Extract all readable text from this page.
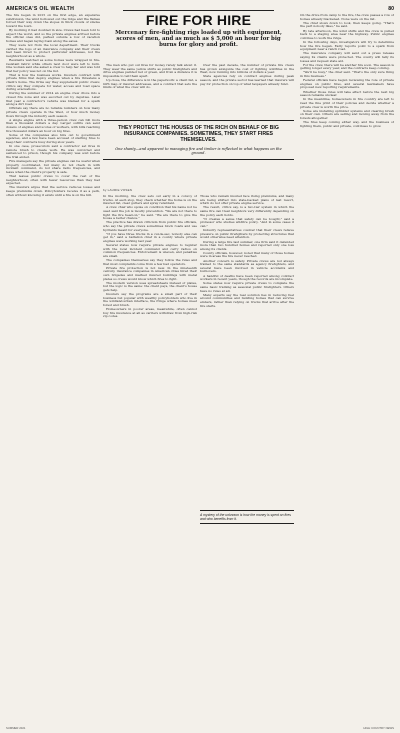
AMERICA'S OIL WEALTH	80

The fire began in 2015 on the first edge, an expensive subdivision, the wind hollowed out the ridge and the flames forced their way down the slopes in thick clouds of smoke toward the town.

By morning it had doubled in size. Crews had been told to expect the worst, and so the private engines arrived before the official ones did, parked outside a row of vacation homes and began laying foam along the eaves.

They were not from the local department. Their trucks carried the logo of an insurance company and their crews had been hired to protect particular addresses, not the neighborhood as a whole.

Residents watched as some homes were wrapped in fire-resistant fabric while others next door were left to burn. One woman said she asked a crew to help her and was told that her policy was not on the list.

That is how the business works. Insurers contract with private firms that deploy engines when a fire threatens a client's home. The firms say they supplement public crews; critics say they compete for water, access and road space during evacuations.

During the summer of 2014 an engine crew drove into a closed fire zone and was escorted out by deputies. Later that year a contractor's vehicle was blamed for a spark along a dirt road.

Officials say there are no reliable numbers on how many private crews operate in the West, or how much money flows through the industry each season.

A single engine with a three-person crew can bill more than a thousand dollars a day. Larger outfits can send dozens of engines and scores of workers, with bills reaching five thousand dollars an hour on big fires.

Some of the companies also hire out to government agencies, and a few have been accused of starting fires to keep their contracts busy during slow years.

In one case, prosecutors said a contractor set fires in remote brush to create work. He was convicted and sentenced to prison, though his company was sold before the trial ended.

Fire managers say the private engines can be useful when properly coordinated, but many do not check in with incident command, do not share radio frequencies, and leave when the client's property is safe.

That leaves public crews to cover the rest of the neighborhood, often with fewer resources than they had expected.

The insurers argue that the service reduces losses and keeps premiums down. Policyholders receive it as a perk, often without knowing it exists until a fire is on the hill.

FIRE FOR HIRE
Mercenary fire-fighting rigs loaded up with equipment, scores of men, and as much as $ 5,000 an hour for big burns for glory and profit.

The men who put out fires for money rarely talk about it. They wear the same yellow shirts as public firefighters and drive engines painted red or green, and from a distance it is impossible to tell them apart.

Up close, the difference is in the paperwork: a client list, a GPS map of insured addresses, and a contract that sets the limits of what the crew will do.

Over the past decade, the number of private fire crews has grown alongside the cost of fighting wildfires in the West, now running into billions of dollars a year.

State agencies rely on contract engines during peak season, and the private sector has learned that insurers will pay for protection on top of what taxpayers already fund.

THEY PROTECT THE HOUSES OF THE RICH ON BEHALF OF BIG INSURANCE COMPANIES. SOMETIMES, THEY START FIRES THEMSELVES.
One shanty—and apparent to managing fire and timber is reflected in what happens on the ground.
by LAURIE VOSEN

In the morning, the crew sets out early in a convoy of trucks. At each stop, they check whether the home is on the insured list, clear gutters and spray retardant.

A crew chief who spoke on condition that his name not be used said the job is mostly prevention. "We are not there to fight the fire head-on," he said. "We are there to give the house a better chance."

The practice has drawn criticism from public fire officials, who say the private crews sometimes block roads and use hydrants meant for everyone.

"If you have three trucks in a cul-de-sac, nobody else can get in," said a battalion chief in a county where private engines were working last year.

Several states now require private engines to register with the local incident command and carry radios on common frequencies. Enforcement is uneven, and penalties are small.

The companies themselves say they follow the rules and that most complaints come from a few bad operators.

Private fire protection is not new. In the nineteenth century, insurance companies in American cities hired their own brigades and marked insured buildings with metal plates so crews would know which fires to fight.

The modern version uses spreadsheets instead of plates, but the logic is the same: the client pays, the client's house gets help.

Insurers say the programs are a small part of their business but popular with wealthy policyholders who live in the wildland-urban interface, the fringe where homes meet forest and brush.

Homeowners in poorer areas, meanwhile, often cannot buy fire insurance at all as carriers withdraw from high-risk zip codes.

Those who remain insured face rising premiums, and many are being shifted into state-backed plans of last resort, which do not offer private engine service.

The result, critics say, is a two-tier system in which the same fire can treat neighbors very differently depending on the policy each holds.

"It creates a sense that safety can be bought," said a professor who studies wildfire policy. "And in some cases it can."

Industry representatives counter that their crews relieve pressure on public firefighters by protecting structures that would otherwise need attention.

During a large fire last summer, one firm said it defended more than two hundred homes and reported only one loss among its clients.

County officials, however, noted that many of those homes were in areas the fire never reached.

Another concern is safety. Private crews are not always trained to the same standards as agency firefighters, and several have been involved in vehicle accidents and burnovers.

A handful of deaths have been reported among contract workers in recent years, though the records are incomplete.

Some states now require private crews to complete the same basic training as seasonal public firefighters. Others have no rules at all.

Many experts say the real solution lies in reducing fuel around communities and building homes that can survive embers, rather than relying on trucks that arrive after the fire starts.

A mystery of the unknown is how the money is spent on fires and who benefits from it.

On the drive from camp to the fire, the crew passes a row of homes already blackened. None were on the list.

The chief slows down to look, then keeps going. "That's the part nobody likes," he said.

By late afternoon, the wind shifts and the crew is pulled back to a staging area near the highway. Public engines continue to work the ridge.

In the following days, investigators will try to determine how the fire began. Early reports point to a spark from equipment near a ranch road.

The insurance company will send out a press release saying its clients were protected. The county will tally its losses and request state aid.

For the crew, there will be another fire soon. The season is getting longer every year, and the contracts keep coming.

"We'll be busy," the chief said. "That's the only sure thing in this business."

Federal officials have begun reviewing the role of private engines on public fires, and several lawmakers have proposed new reporting requirements.

Whether those rules will take effect before the next big season remains unclear.

In the meantime, homeowners in fire country are left to read the fine print of their policies and decide whether a private crew is worth the price.

Some are installing sprinkler systems and clearing brush on their own. Others are selling and moving away from the forests altogether.

The fires keep coming either way, and the business of fighting them, public and private, continues to grow.

SUMMER 2021	HIGH COUNTRY NEWS
